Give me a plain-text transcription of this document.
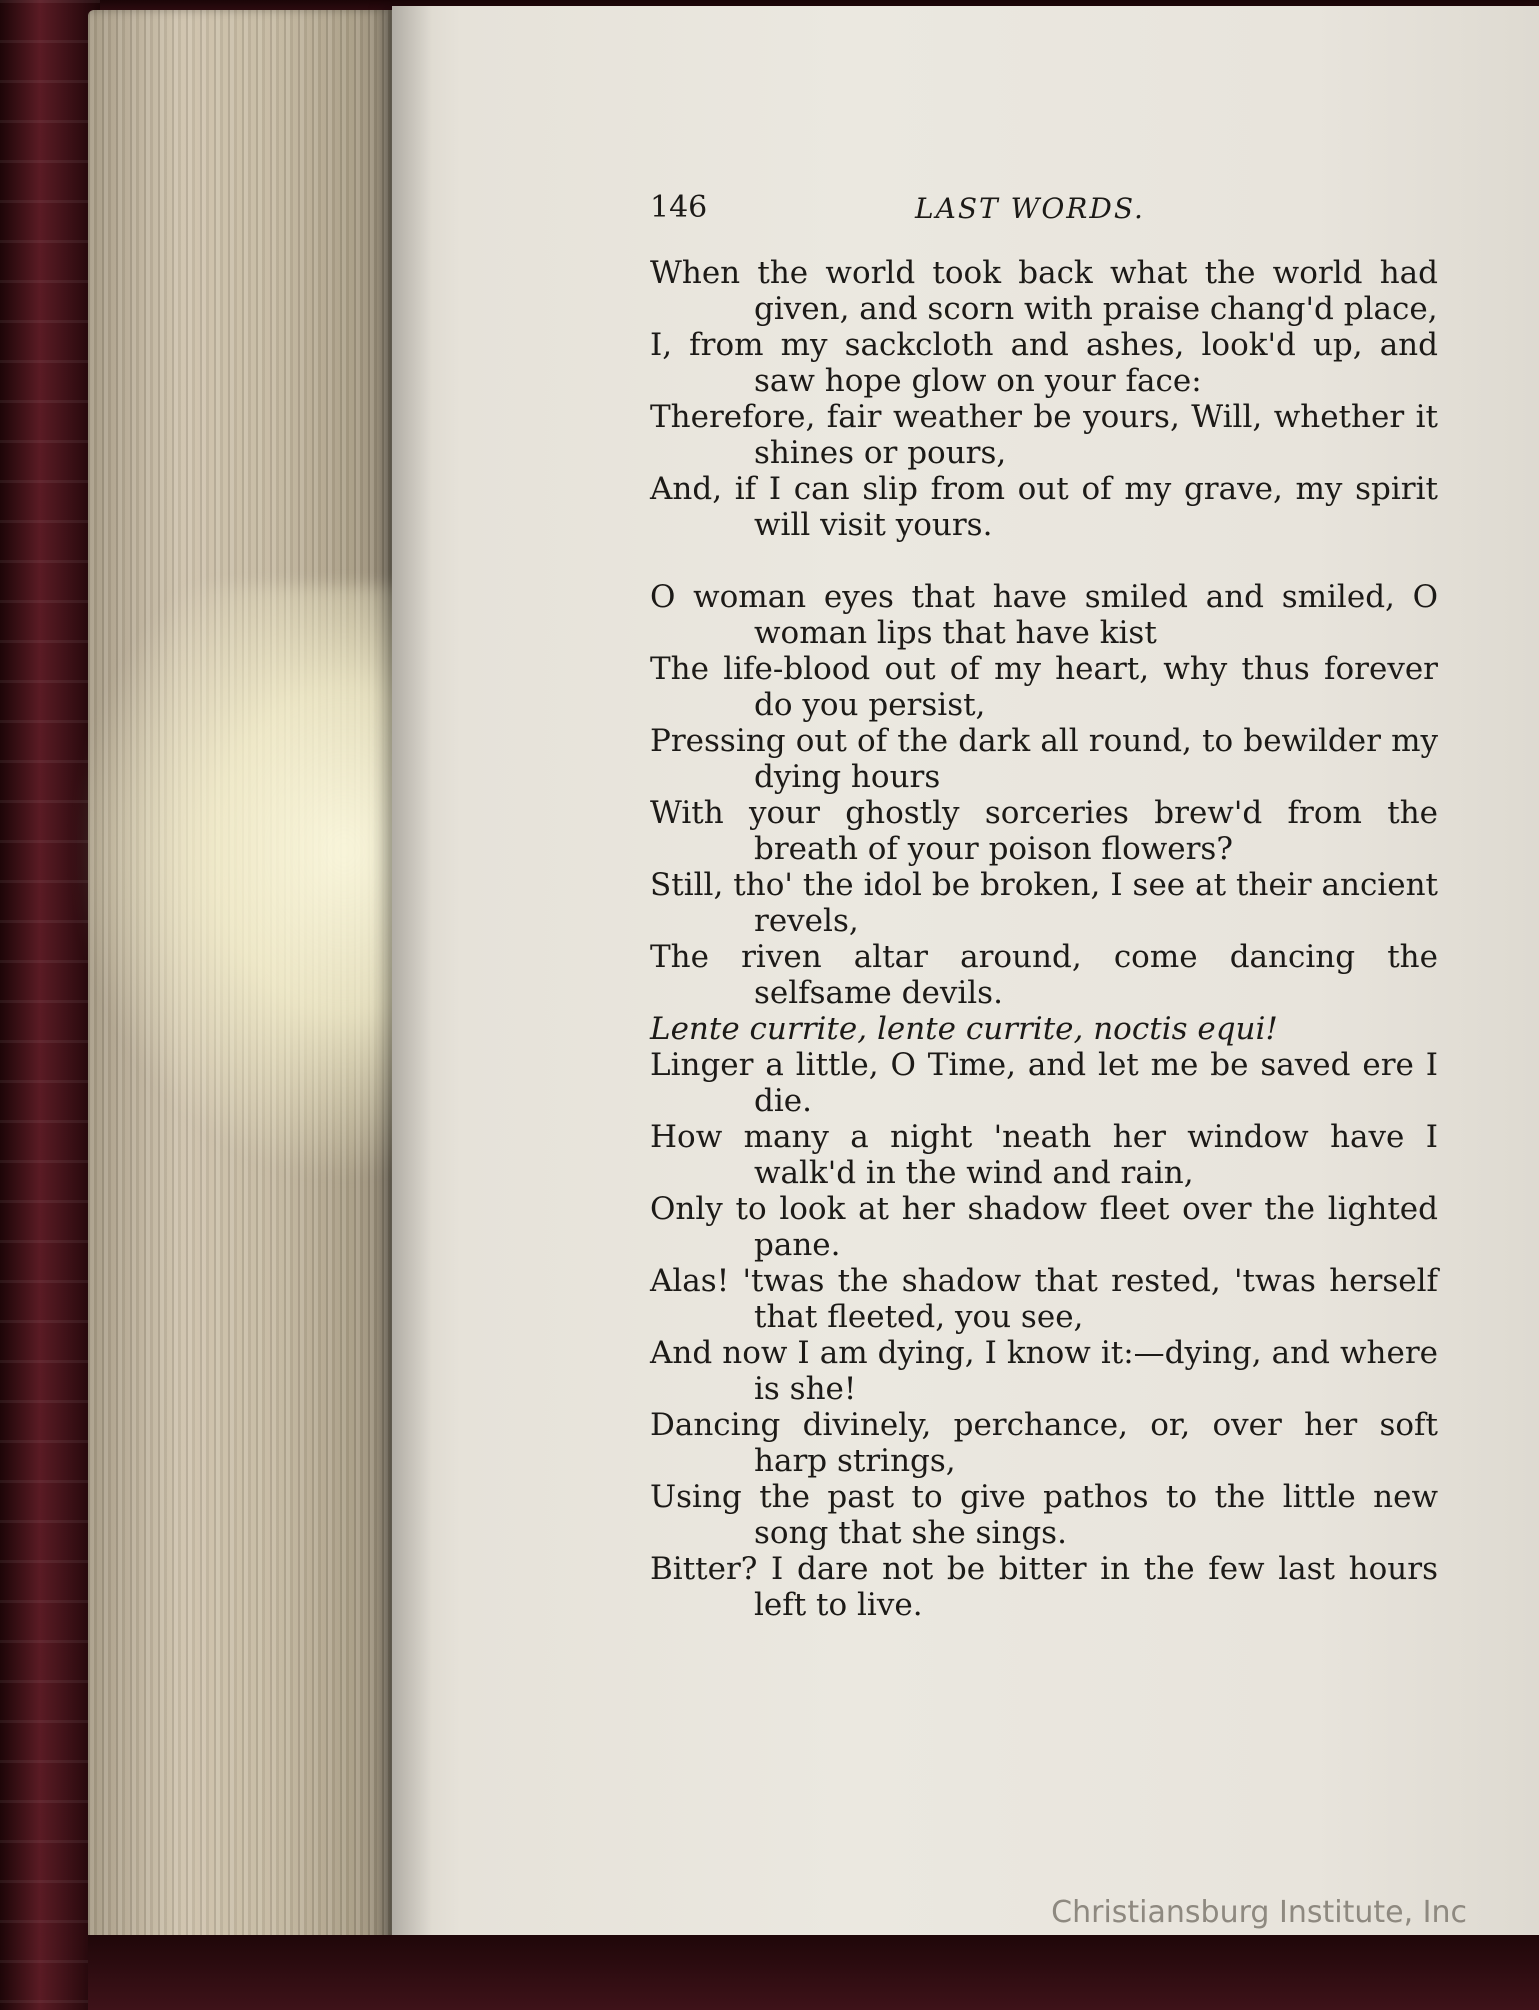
146	LAST WORDS.

When the world took back what the world had given, and scorn with praise chang'd place,

I, from my sackcloth and ashes, look'd up, and saw hope glow on your face:

Therefore, fair weather be yours, Will, whether it shines or pours,

And, if I can slip from out of my grave, my spirit will visit yours.

O woman eyes that have smiled and smiled, O woman lips that have kist

The life-blood out of my heart, why thus forever do you persist,

Pressing out of the dark all round, to bewilder my dying hours

With your ghostly sorceries brew'd from the breath of your poison flowers?

Still, tho' the idol be broken, I see at their ancient revels,

The riven altar around, come dancing the selfsame devils.

Lente currite, lente currite, noctis equi!

Linger a little, O Time, and let me be saved ere I die.

How many a night 'neath her window have I walk'd in the wind and rain,

Only to look at her shadow fleet over the lighted pane.

Alas! 'twas the shadow that rested, 'twas herself that fleeted, you see,

And now I am dying, I know it:—dying, and where is she!

Dancing divinely, perchance, or, over her soft harp strings,

Using the past to give pathos to the little new song that she sings.

Bitter? I dare not be bitter in the few last hours left to live.

Christiansburg Institute, Inc
